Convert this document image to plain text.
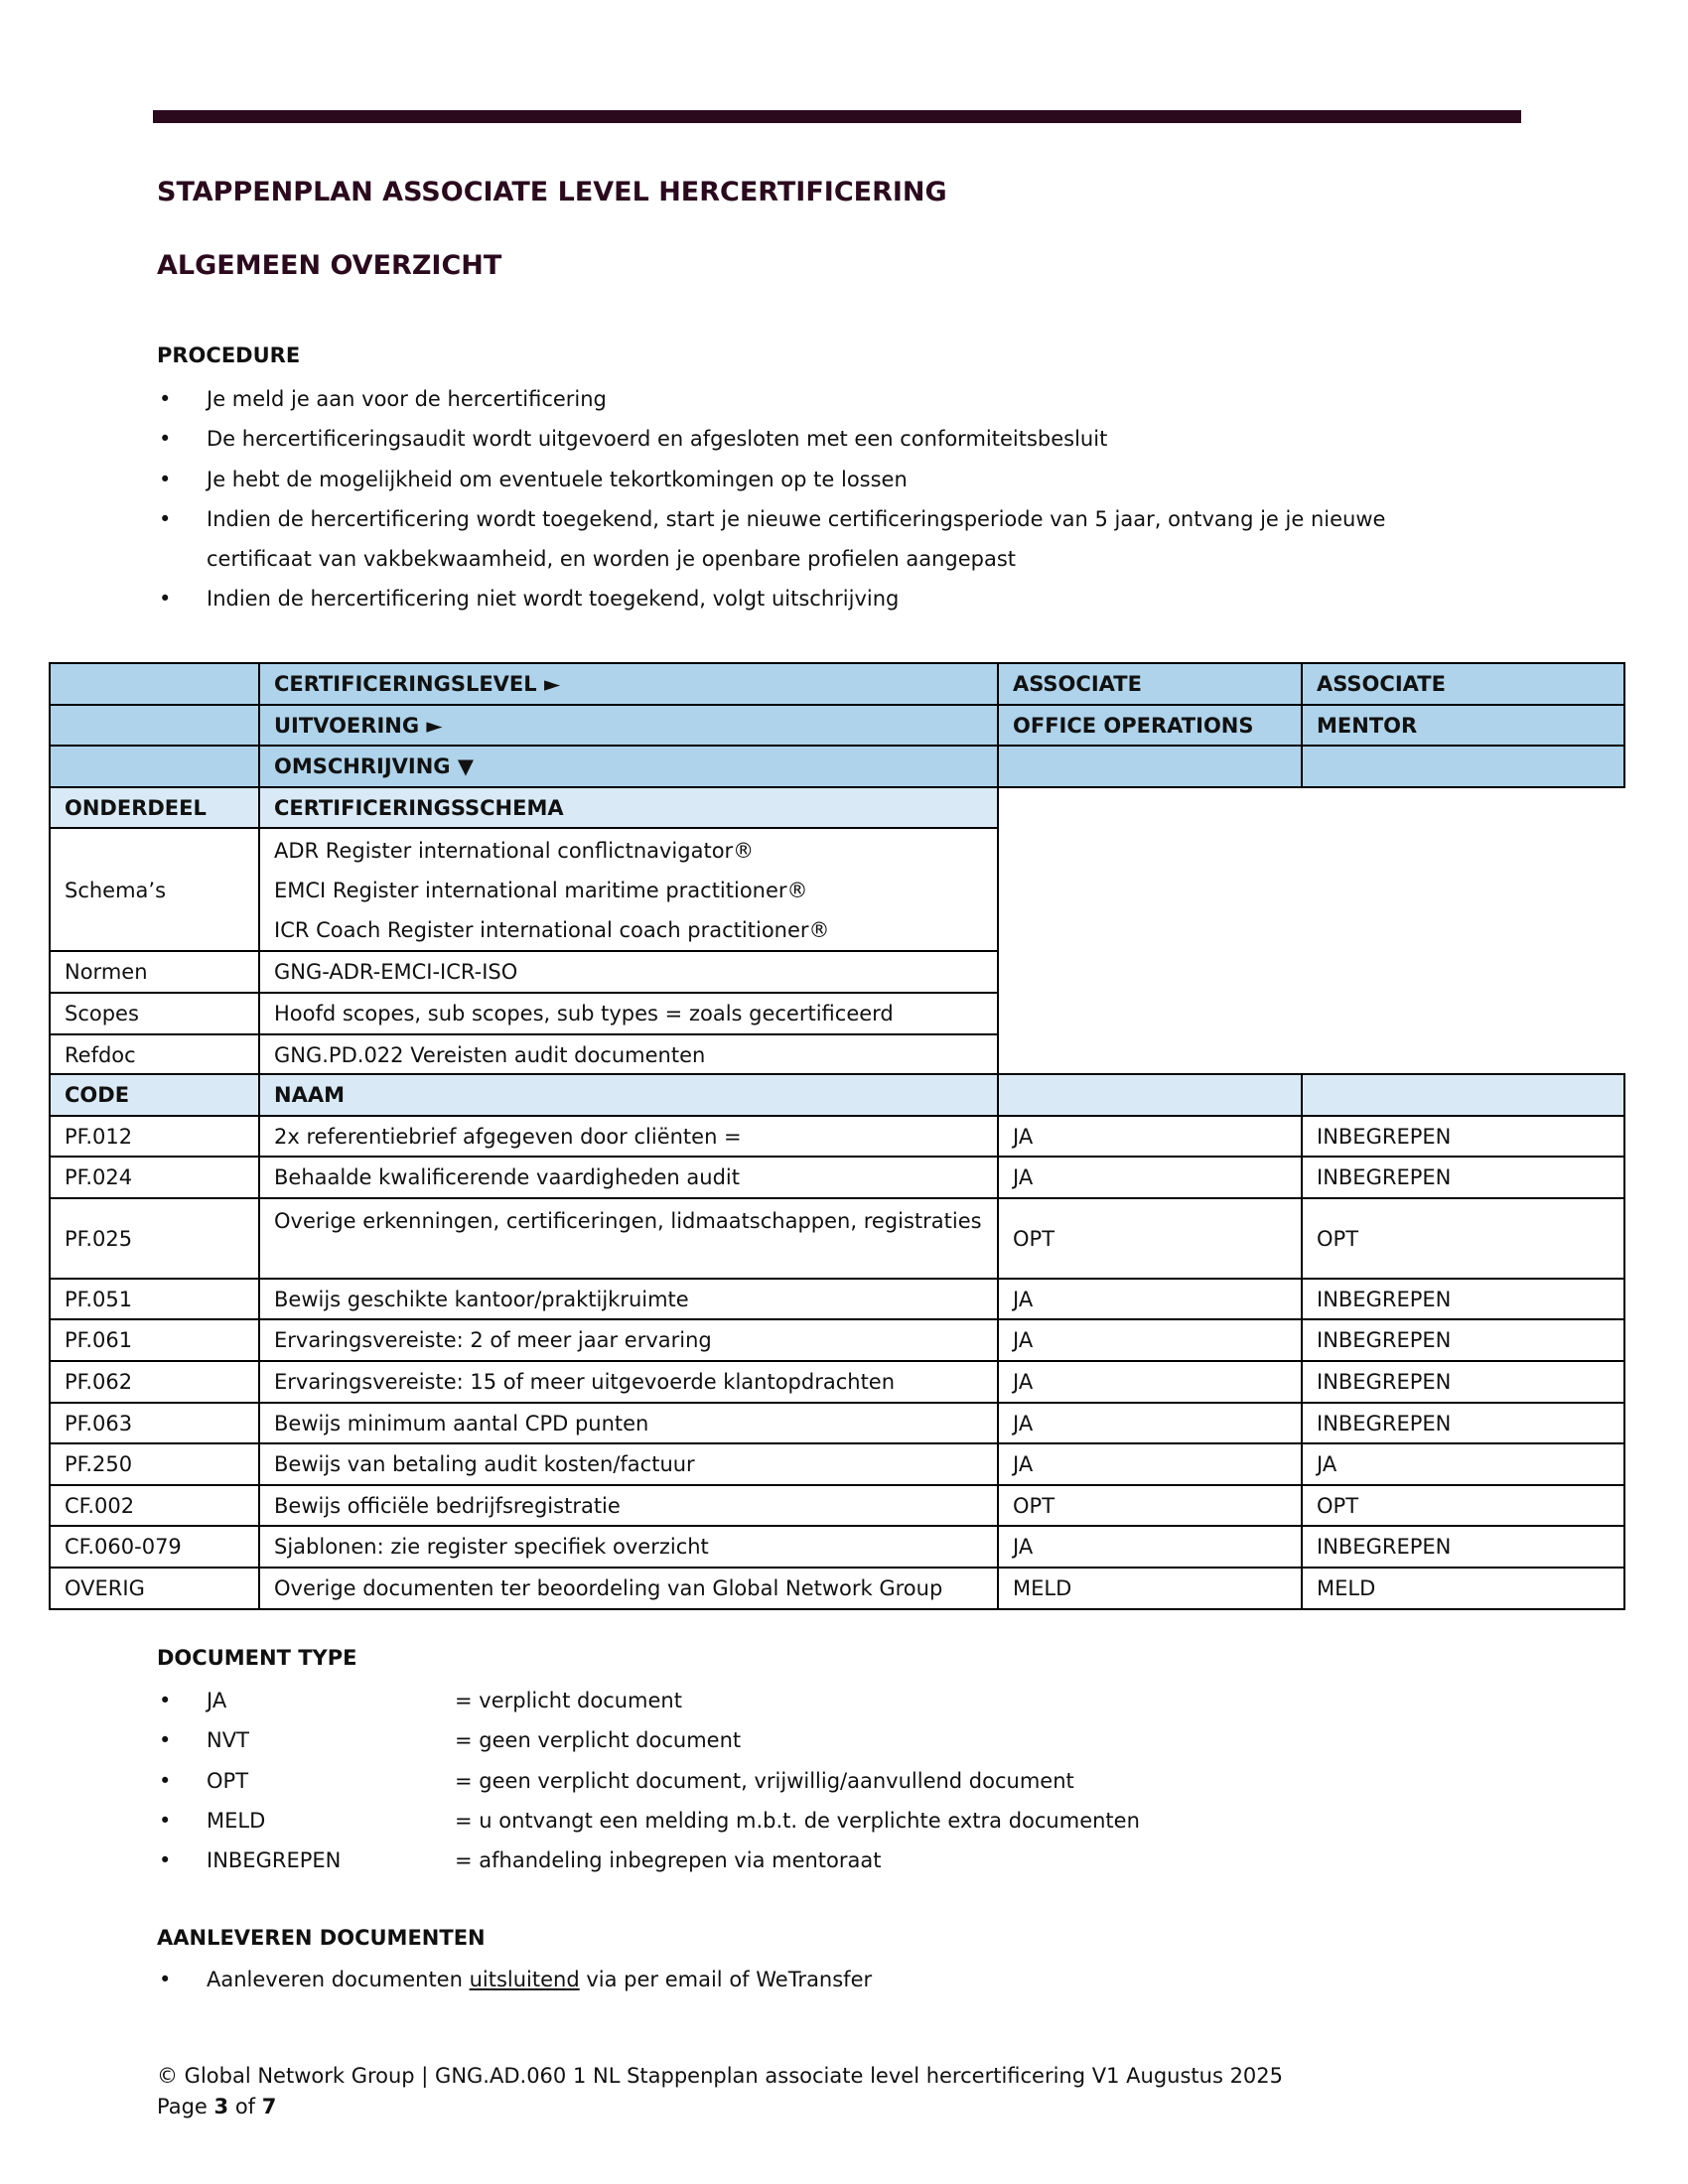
STAPPENPLAN ASSOCIATE LEVEL HERCERTIFICERING
ALGEMEEN OVERZICHT
PROCEDURE
• Je meld je aan voor de hercertificering
• De hercertificeringsaudit wordt uitgevoerd en afgesloten met een conformiteitsbesluit
• Je hebt de mogelijkheid om eventuele tekortkomingen op te lossen
• Indien de hercertificering wordt toegekend, start je nieuwe certificeringsperiode van 5 jaar, ontvang je je nieuwe certificaat van vakbekwaamheid, en worden je openbare profielen aangepast
• Indien de hercertificering niet wordt toegekend, volgt uitschrijving
	CERTIFICERINGSLEVEL ►	ASSOCIATE	ASSOCIATE
	UITVOERING ►	OFFICE OPERATIONS	MENTOR
	OMSCHRIJVING ▼		
ONDERDEEL	CERTIFICERINGSSCHEMA		
Schema’s	ADR Register international conflictnavigator®
EMCI Register international maritime practitioner®
ICR Coach Register international coach practitioner®		

Normen	GNG-ADR-EMCI-ICR-ISO		
Scopes	Hoofd scopes, sub scopes, sub types = zoals gecertificeerd		
Refdoc	GNG.PD.022 Vereisten audit documenten		
CODE	NAAM		
PF.012	2x referentiebrief afgegeven door cliënten =	JA	INBEGREPEN
PF.024	Behaalde kwalificerende vaardigheden audit	JA	INBEGREPEN
PF.025	Overige erkenningen, certificeringen, lidmaatschappen, registraties	OPT	OPT
PF.051	Bewijs geschikte kantoor/praktijkruimte	JA	INBEGREPEN
PF.061	Ervaringsvereiste: 2 of meer jaar ervaring	JA	INBEGREPEN
PF.062	Ervaringsvereiste: 15 of meer uitgevoerde klantopdrachten	JA	INBEGREPEN
PF.063	Bewijs minimum aantal CPD punten	JA	INBEGREPEN
PF.250	Bewijs van betaling audit kosten/factuur	JA	JA
CF.002	Bewijs officiële bedrijfsregistratie	OPT	OPT
CF.060-079	Sjablonen: zie register specifiek overzicht	JA	INBEGREPEN
OVERIG	Overige documenten ter beoordeling van Global Network Group	MELD	MELD
DOCUMENT TYPE
• JA	= verplicht document
• NVT	= geen verplicht document
• OPT	= geen verplicht document, vrijwillig/aanvullend document
• MELD	= u ontvangt een melding m.b.t. de verplichte extra documenten
• INBEGREPEN	= afhandeling inbegrepen via mentoraat
AANLEVEREN DOCUMENTEN
• Aanleveren documenten uitsluitend via per email of WeTransfer
© Global Network Group | GNG.AD.060 1 NL Stappenplan associate level hercertificering V1 Augustus 2025
Page 3 of 7
